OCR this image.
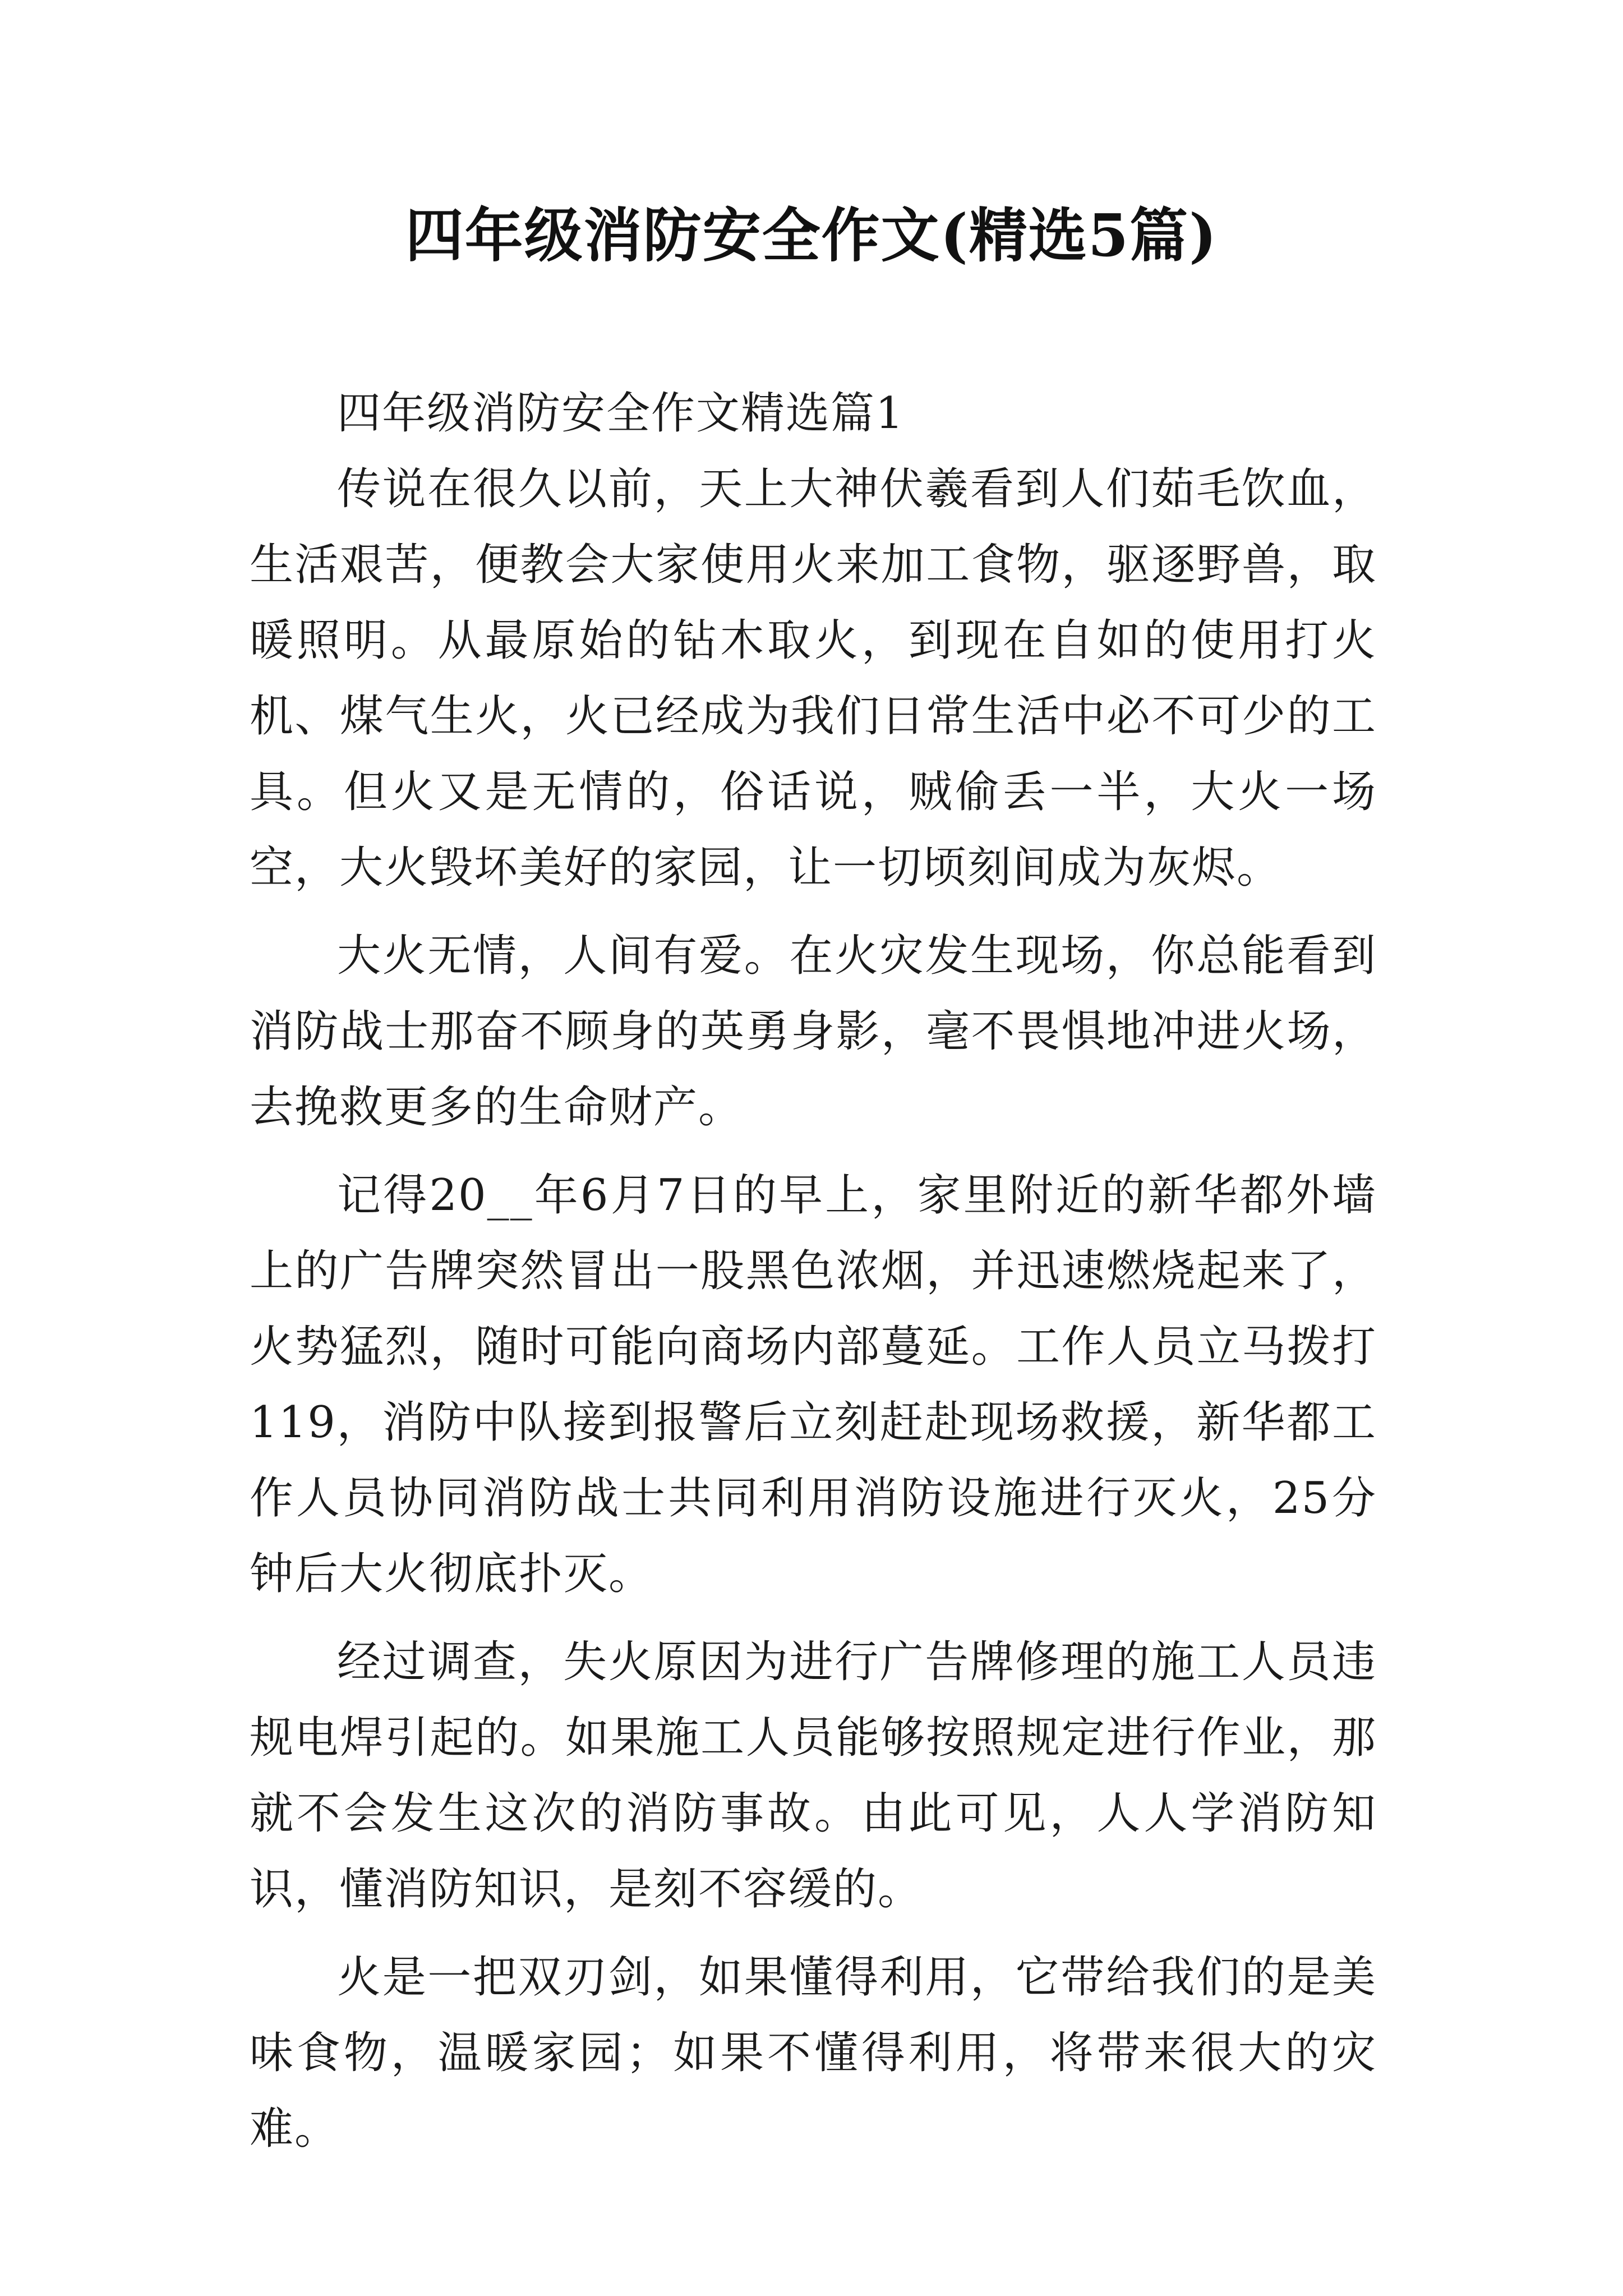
四年级消防安全作文(精选5篇)

四年级消防安全作文精选篇1

传说在很久以前，天上大神伏羲看到人们茹毛饮血，生活艰苦，便教会大家使用火来加工食物，驱逐野兽，取暖照明。从最原始的钻木取火，到现在自如的使用打火机、煤气生火，火已经成为我们日常生活中必不可少的工具。但火又是无情的，俗话说，贼偷丢一半，大火一场空，大火毁坏美好的家园，让一切顷刻间成为灰烬。

大火无情，人间有爱。在火灾发生现场，你总能看到消防战士那奋不顾身的英勇身影，毫不畏惧地冲进火场，去挽救更多的生命财产。

记得20__年6月7日的早上，家里附近的新华都外墙上的广告牌突然冒出一股黑色浓烟，并迅速燃烧起来了，火势猛烈，随时可能向商场内部蔓延。工作人员立马拨打119，消防中队接到报警后立刻赶赴现场救援，新华都工作人员协同消防战士共同利用消防设施进行灭火，25分钟后大火彻底扑灭。

经过调查，失火原因为进行广告牌修理的施工人员违规电焊引起的。如果施工人员能够按照规定进行作业，那就不会发生这次的消防事故。由此可见，人人学消防知识，懂消防知识，是刻不容缓的。

火是一把双刃剑，如果懂得利用，它带给我们的是美味食物，温暖家园；如果不懂得利用，将带来很大的灾难。
